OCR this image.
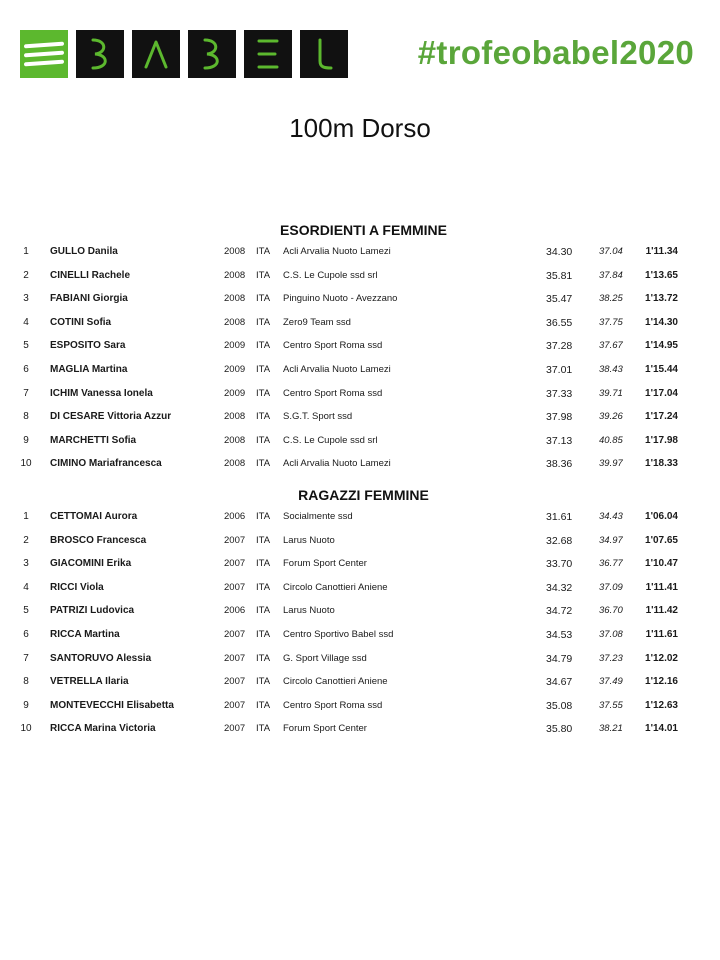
#trofeobabel2020
100m Dorso
ESORDIENTI A FEMMINE
1	GULLO Danila	2008 ITA Acli Arvalia Nuoto Lamezi	34.30	37.04	1'11.34
2	CINELLI Rachele	2008 ITA C.S. Le Cupole ssd srl	35.81	37.84	1'13.65
3	FABIANI Giorgia	2008 ITA Pinguino Nuoto - Avezzano	35.47	38.25	1'13.72
4	COTINI Sofia	2008 ITA Zero9 Team ssd	36.55	37.75	1'14.30
5	ESPOSITO Sara	2009 ITA Centro Sport Roma ssd	37.28	37.67	1'14.95
6	MAGLIA Martina	2009 ITA Acli Arvalia Nuoto Lamezi	37.01	38.43	1'15.44
7	ICHIM Vanessa Ionela	2009 ITA Centro Sport Roma ssd	37.33	39.71	1'17.04
8	DI CESARE Vittoria Azzur	2008 ITA S.G.T. Sport ssd	37.98	39.26	1'17.24
9	MARCHETTI Sofia	2008 ITA C.S. Le Cupole ssd srl	37.13	40.85	1'17.98
10 CIMINO Mariafrancesca	2008 ITA Acli Arvalia Nuoto Lamezi	38.36	39.97	1'18.33
RAGAZZI FEMMINE
1	CETTOMAI Aurora	2006 ITA Socialmente ssd	31.61	34.43	1'06.04
2	BROSCO Francesca	2007 ITA Larus Nuoto	32.68	34.97	1'07.65
3	GIACOMINI Erika	2007 ITA Forum Sport Center	33.70	36.77	1'10.47
4	RICCI Viola	2007 ITA Circolo Canottieri Aniene	34.32	37.09	1'11.41
5	PATRIZI Ludovica	2006 ITA Larus Nuoto	34.72	36.70	1'11.42
6	RICCA Martina	2007 ITA Centro Sportivo Babel ssd	34.53	37.08	1'11.61
7	SANTORUVO Alessia	2007 ITA G. Sport Village ssd	34.79	37.23	1'12.02
8	VETRELLA Ilaria	2007 ITA Circolo Canottieri Aniene	34.67	37.49	1'12.16
9	MONTEVECCHI Elisabetta	2007 ITA Centro Sport Roma ssd	35.08	37.55	1'12.63
10 RICCA Marina Victoria	2007 ITA Forum Sport Center	35.80	38.21	1'14.01
